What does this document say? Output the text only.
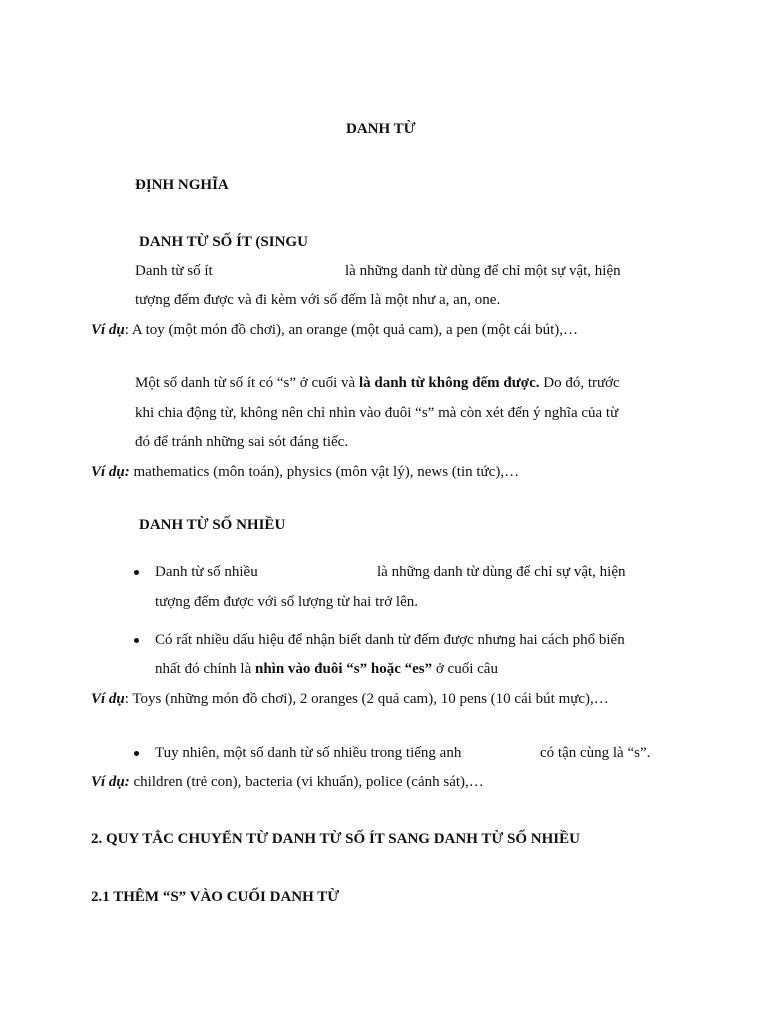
DANH TỪ
ĐỊNH NGHĨA
DANH TỪ SỐ ÍT (SINGU
Danh từ số ít	là những danh từ dùng để chỉ một sự vật, hiện
tượng đếm được và đi kèm với số đếm là một như a, an, one.
Ví dụ: A toy (một món đồ chơi), an orange (một quả cam), a pen (một cái bút),…
Một số danh từ số ít có “s” ở cuối và là danh từ không đếm được. Do đó, trước
khi chia động từ, không nên chỉ nhìn vào đuôi “s” mà còn xét đến ý nghĩa của từ
đó để tránh những sai sót đáng tiếc.
Ví dụ: mathematics (môn toán), physics (môn vật lý), news (tin tức),…
DANH TỪ SỐ NHIỀU
Danh từ số nhiều	là những danh từ dùng để chỉ sự vật, hiện
tượng đếm được với số lượng từ hai trở lên.
Có rất nhiều dấu hiệu để nhận biết danh từ đếm được nhưng hai cách phổ biến
nhất đó chính là nhìn vào đuôi “s” hoặc “es” ở cuối câu
Ví dụ: Toys (những món đồ chơi), 2 oranges (2 quả cam), 10 pens (10 cái bút mực),…
Tuy nhiên, một số danh từ số nhiều trong tiếng anh	có tận cùng là “s”.
Ví dụ: children (trẻ con), bacteria (vi khuẩn), police (cảnh sát),…
2. QUY TẮC CHUYỂN TỪ DANH TỪ SỐ ÍT SANG DANH TỪ SỐ NHIỀU
2.1 THÊM “S” VÀO CUỐI DANH TỪ
